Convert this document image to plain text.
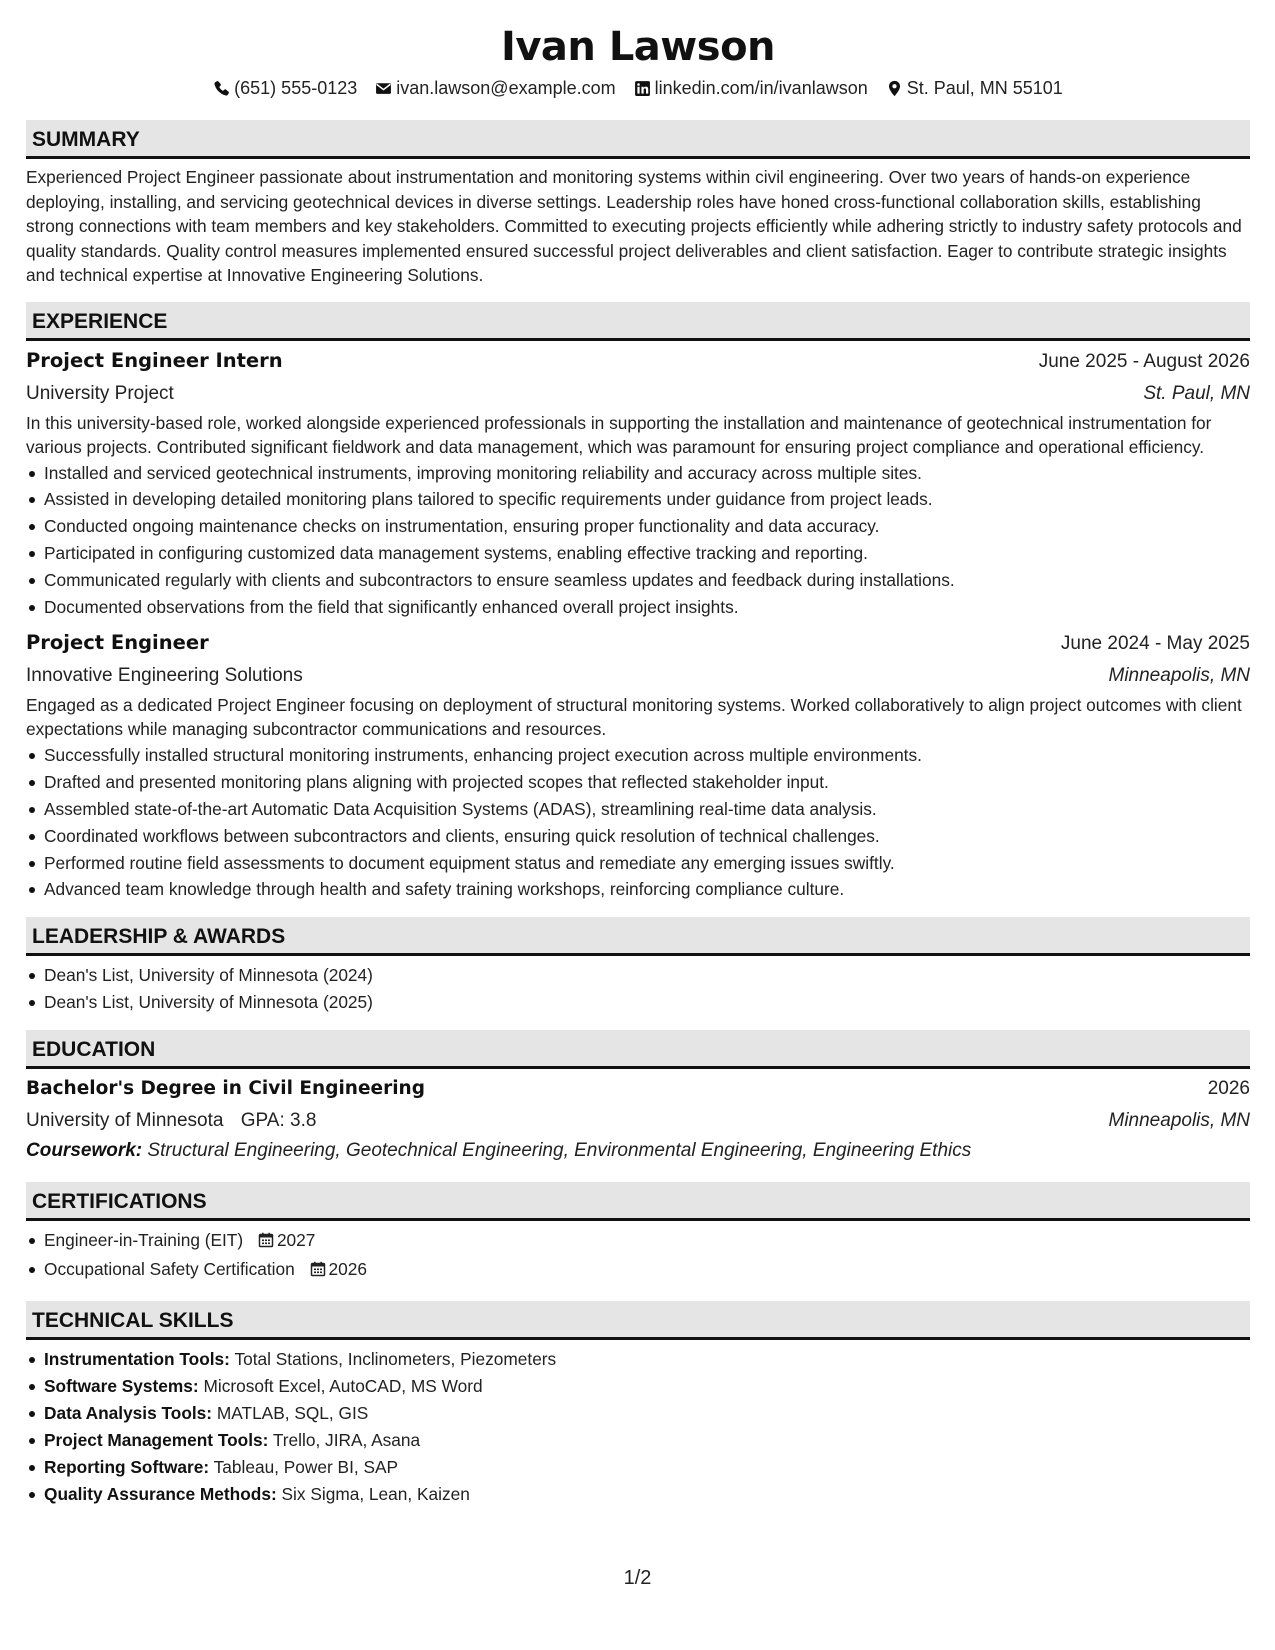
Ivan Lawson
(651) 555-0123 ivan.lawson@example.com linkedin.com/in/ivanlawson St. Paul, MN 55101
SUMMARY
Experienced Project Engineer passionate about instrumentation and monitoring systems within civil engineering. Over two years of hands-on experience deploying, installing, and servicing geotechnical devices in diverse settings. Leadership roles have honed cross-functional collaboration skills, establishing strong connections with team members and key stakeholders. Committed to executing projects efficiently while adhering strictly to industry safety protocols and quality standards. Quality control measures implemented ensured successful project deliverables and client satisfaction. Eager to contribute strategic insights and technical expertise at Innovative Engineering Solutions.
EXPERIENCE
Project Engineer Intern	June 2025 - August 2026
University Project	St. Paul, MN
In this university-based role, worked alongside experienced professionals in supporting the installation and maintenance of geotechnical instrumentation for various projects. Contributed significant fieldwork and data management, which was paramount for ensuring project compliance and operational efficiency.
Installed and serviced geotechnical instruments, improving monitoring reliability and accuracy across multiple sites.
Assisted in developing detailed monitoring plans tailored to specific requirements under guidance from project leads.
Conducted ongoing maintenance checks on instrumentation, ensuring proper functionality and data accuracy.
Participated in configuring customized data management systems, enabling effective tracking and reporting.
Communicated regularly with clients and subcontractors to ensure seamless updates and feedback during installations.
Documented observations from the field that significantly enhanced overall project insights.
Project Engineer	June 2024 - May 2025
Innovative Engineering Solutions	Minneapolis, MN
Engaged as a dedicated Project Engineer focusing on deployment of structural monitoring systems. Worked collaboratively to align project outcomes with client expectations while managing subcontractor communications and resources.
Successfully installed structural monitoring instruments, enhancing project execution across multiple environments.
Drafted and presented monitoring plans aligning with projected scopes that reflected stakeholder input.
Assembled state-of-the-art Automatic Data Acquisition Systems (ADAS), streamlining real-time data analysis.
Coordinated workflows between subcontractors and clients, ensuring quick resolution of technical challenges.
Performed routine field assessments to document equipment status and remediate any emerging issues swiftly.
Advanced team knowledge through health and safety training workshops, reinforcing compliance culture.
LEADERSHIP & AWARDS
Dean's List, University of Minnesota (2024)
Dean's List, University of Minnesota (2025)
EDUCATION
Bachelor's Degree in Civil Engineering	2026
University of Minnesota GPA: 3.8	Minneapolis, MN
Coursework: Structural Engineering, Geotechnical Engineering, Environmental Engineering, Engineering Ethics
CERTIFICATIONS
Engineer-in-Training (EIT) 2027
Occupational Safety Certification 2026
TECHNICAL SKILLS
Instrumentation Tools: Total Stations, Inclinometers, Piezometers
Software Systems: Microsoft Excel, AutoCAD, MS Word
Data Analysis Tools: MATLAB, SQL, GIS
Project Management Tools: Trello, JIRA, Asana
Reporting Software: Tableau, Power BI, SAP
Quality Assurance Methods: Six Sigma, Lean, Kaizen
1/2
